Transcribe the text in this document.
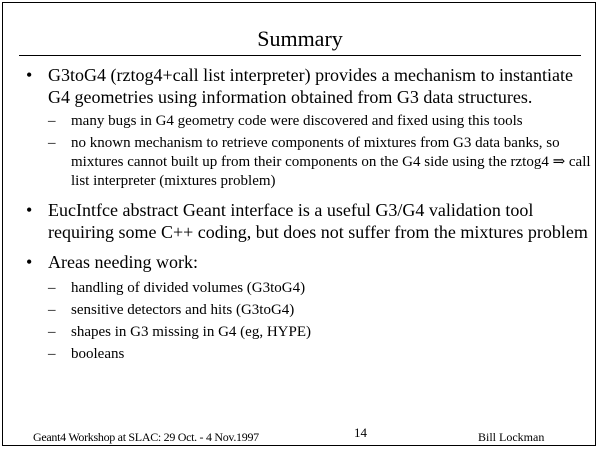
Summary
• G3toG4 (rztog4+call list interpreter) provides a mechanism to instantiate G4 geometries using information obtained from G3 data structures.
– many bugs in G4 geometry code were discovered and fixed using this tools
– no known mechanism to retrieve components of mixtures from G3 data banks, so mixtures cannot built up from their components on the G4 side using the rztog4 ⇒ call list interpreter (mixtures problem)
• EucIntfce abstract Geant interface is a useful G3/G4 validation tool requiring some C++ coding, but does not suffer from the mixtures problem
• Areas needing work:
– handling of divided volumes (G3toG4)
– sensitive detectors and hits (G3toG4)
– shapes in G3 missing in G4 (eg, HYPE)
– booleans
Geant4 Workshop at SLAC: 29 Oct. - 4 Nov.1997	14	Bill Lockman
